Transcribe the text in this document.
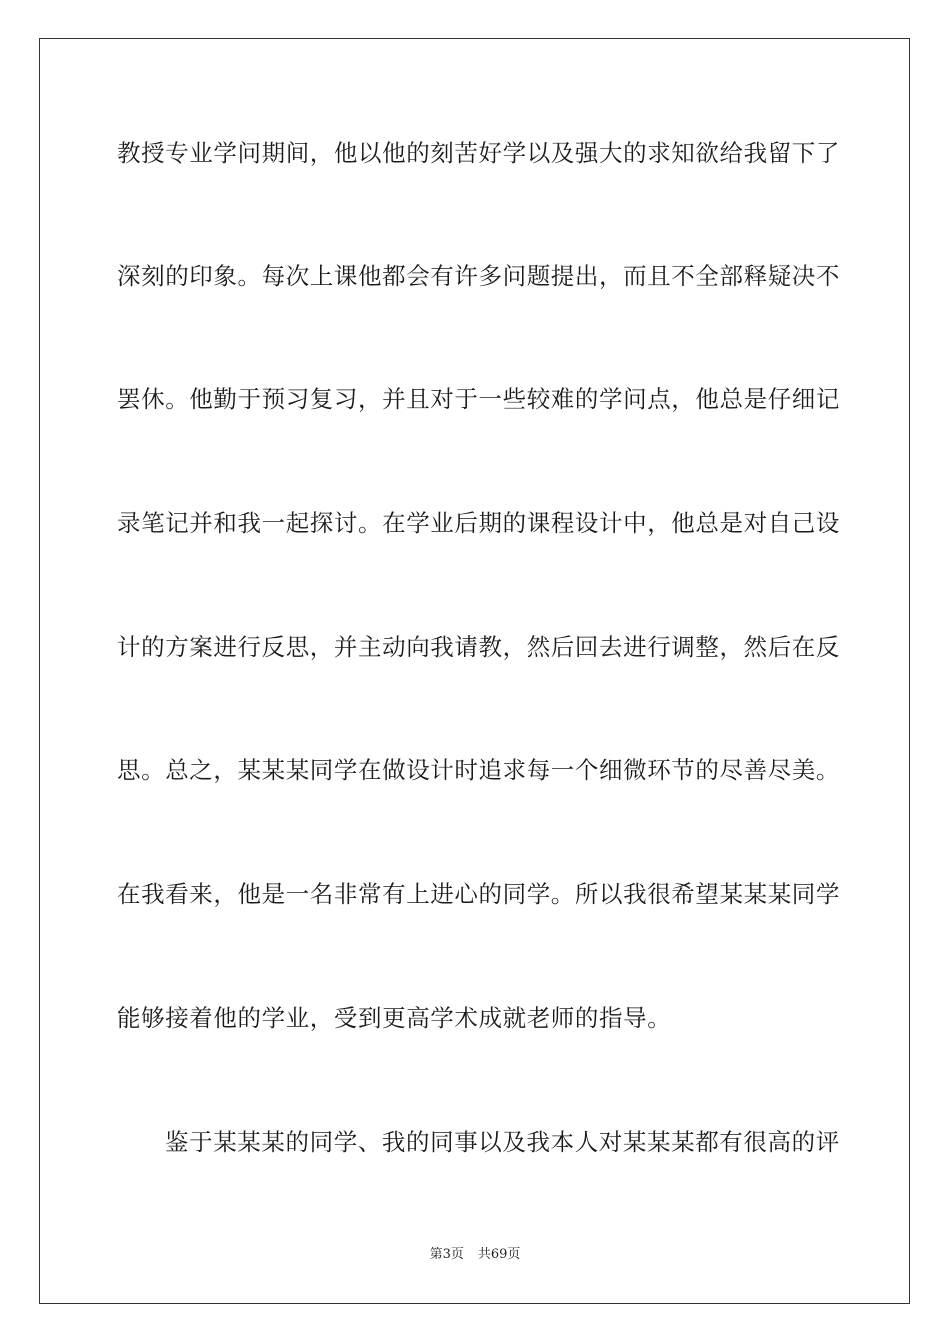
教授专业学问期间，他以他的刻苦好学以及强大的求知欲给我留下了
深刻的印象。每次上课他都会有许多问题提出，而且不全部释疑决不
罢休。他勤于预习复习，并且对于一些较难的学问点，他总是仔细记
录笔记并和我一起探讨。在学业后期的课程设计中，他总是对自己设
计的方案进行反思，并主动向我请教，然后回去进行调整，然后在反
思。总之，某某某同学在做设计时追求每一个细微环节的尽善尽美。
在我看来，他是一名非常有上进心的同学。所以我很希望某某某同学
能够接着他的学业，受到更高学术成就老师的指导。
鉴于某某某的同学、我的同事以及我本人对某某某都有很高的评
第3页 共69页
